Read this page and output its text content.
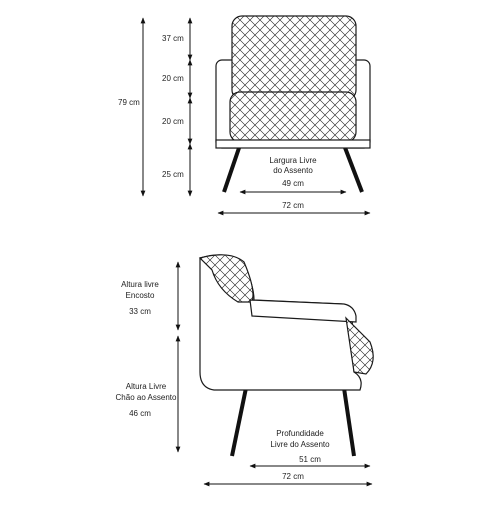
37 cm
20 cm
20 cm
25 cm
79 cm
Largura Livre
do Assento
49 cm
72 cm
Altura livre
Encosto
33 cm
Altura Livre
Chão ao Assento
46 cm
Profundidade
Livre do Assento
51 cm
72 cm
